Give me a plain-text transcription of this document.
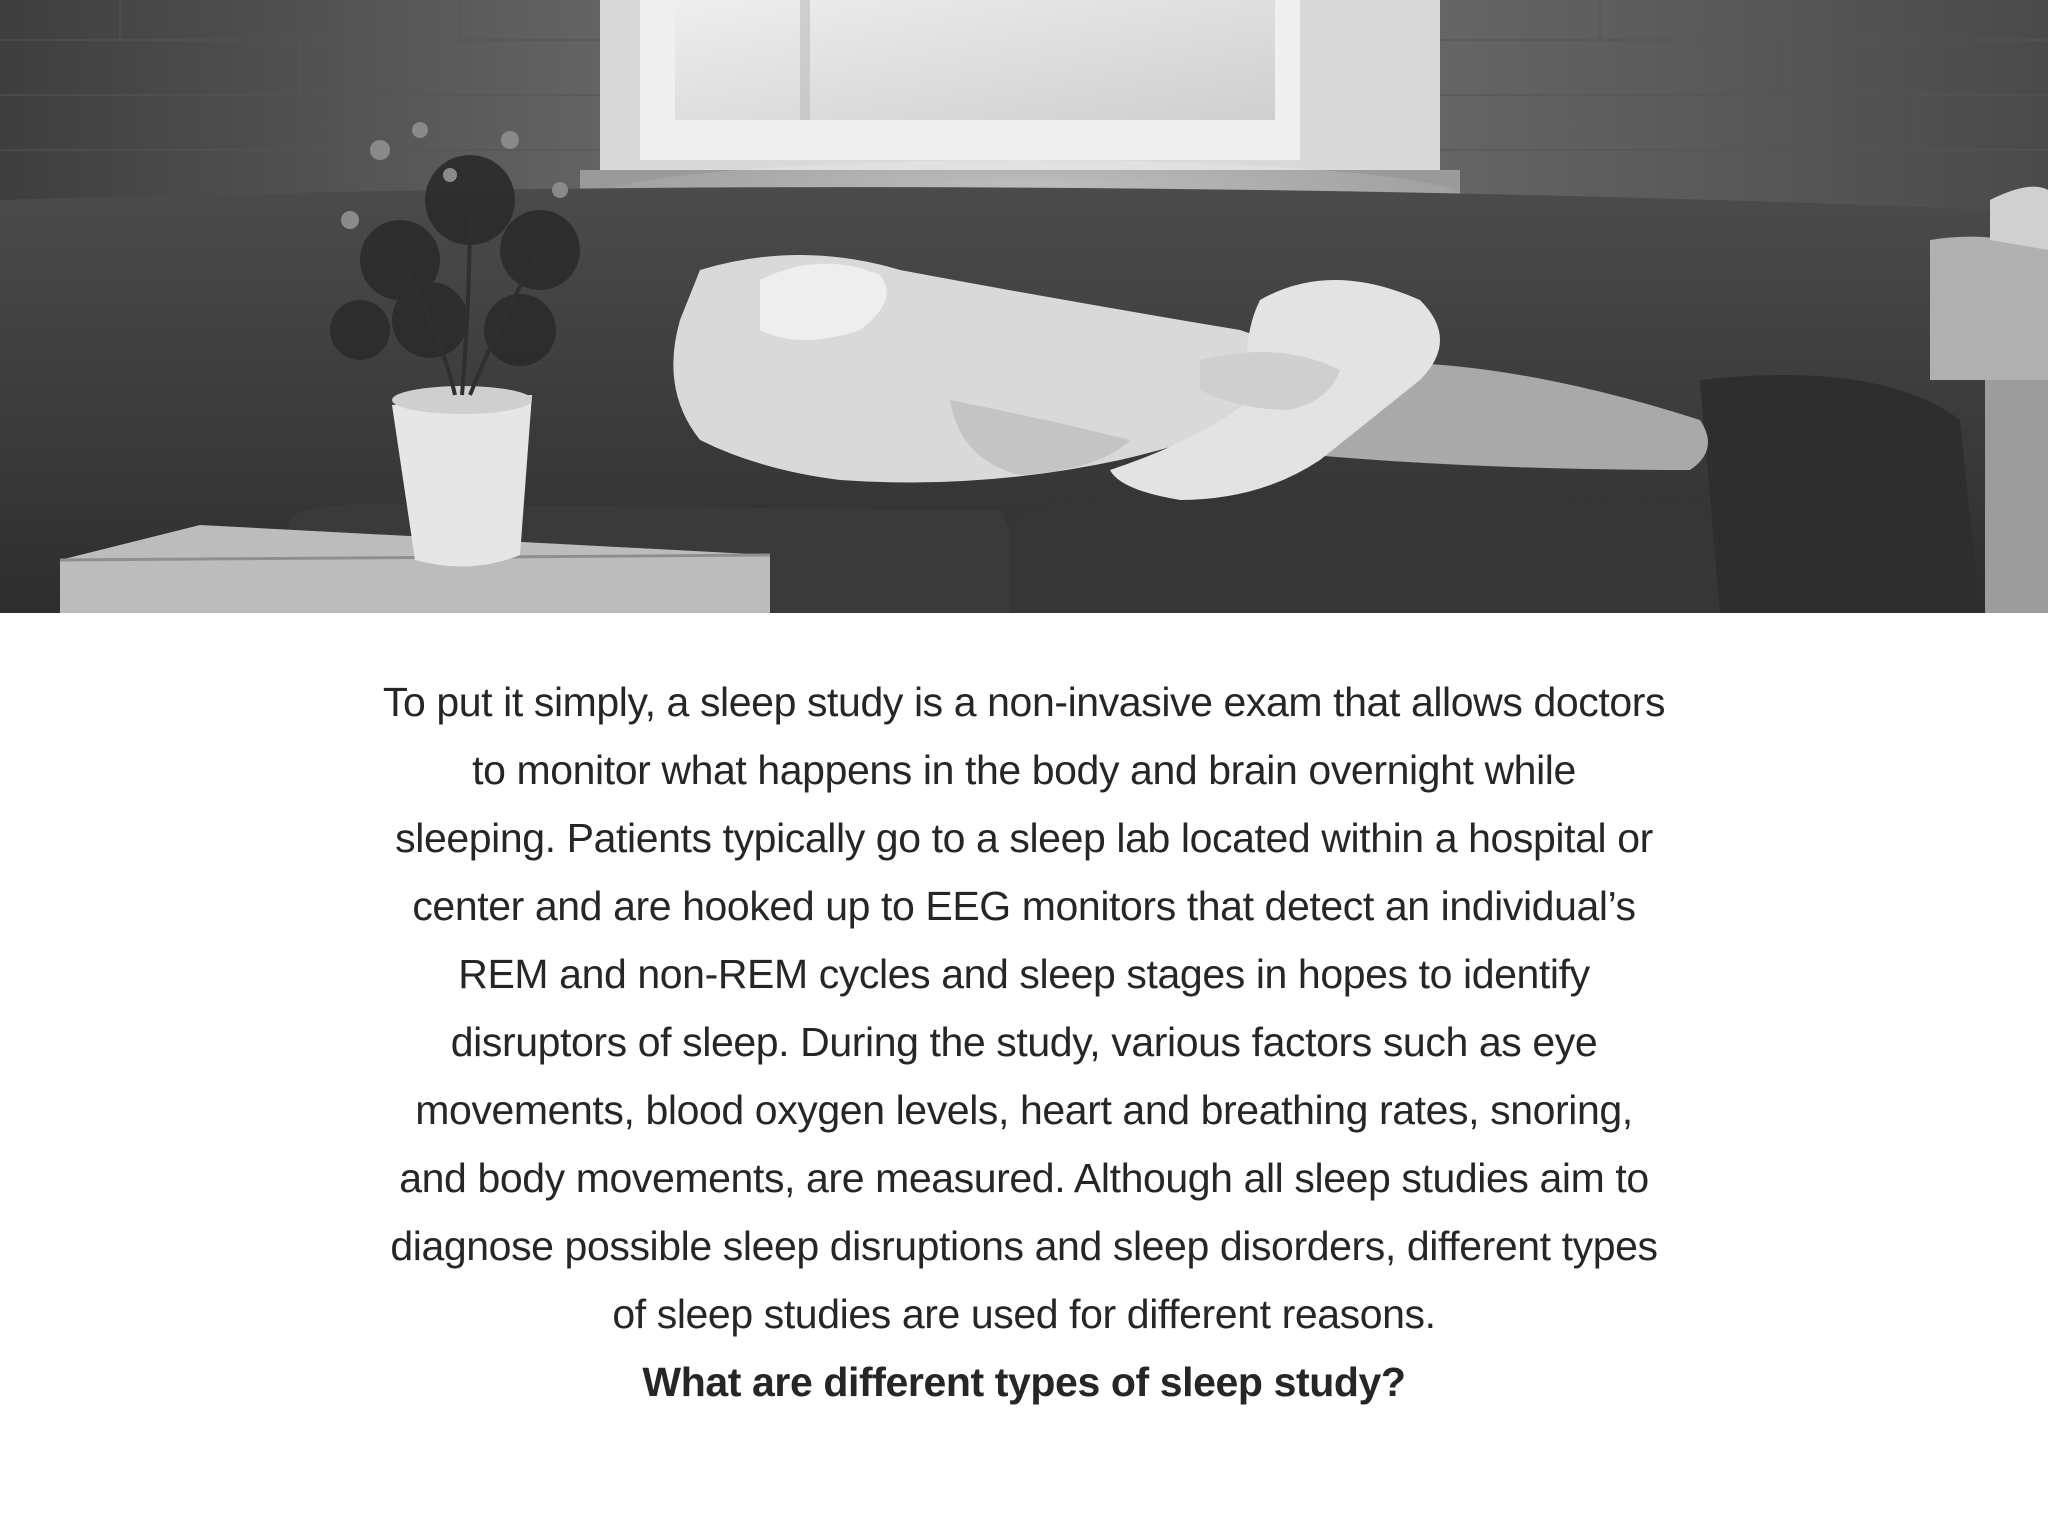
To put it simply, a sleep study is a non-invasive exam that allows doctors
to monitor what happens in the body and brain overnight while
sleeping. Patients typically go to a sleep lab located within a hospital or
center and are hooked up to EEG monitors that detect an individual’s
REM and non-REM cycles and sleep stages in hopes to identify
disruptors of sleep. During the study, various factors such as eye
movements, blood oxygen levels, heart and breathing rates, snoring,
and body movements, are measured. Although all sleep studies aim to
diagnose possible sleep disruptions and sleep disorders, different types
of sleep studies are used for different reasons.
What are different types of sleep study?
